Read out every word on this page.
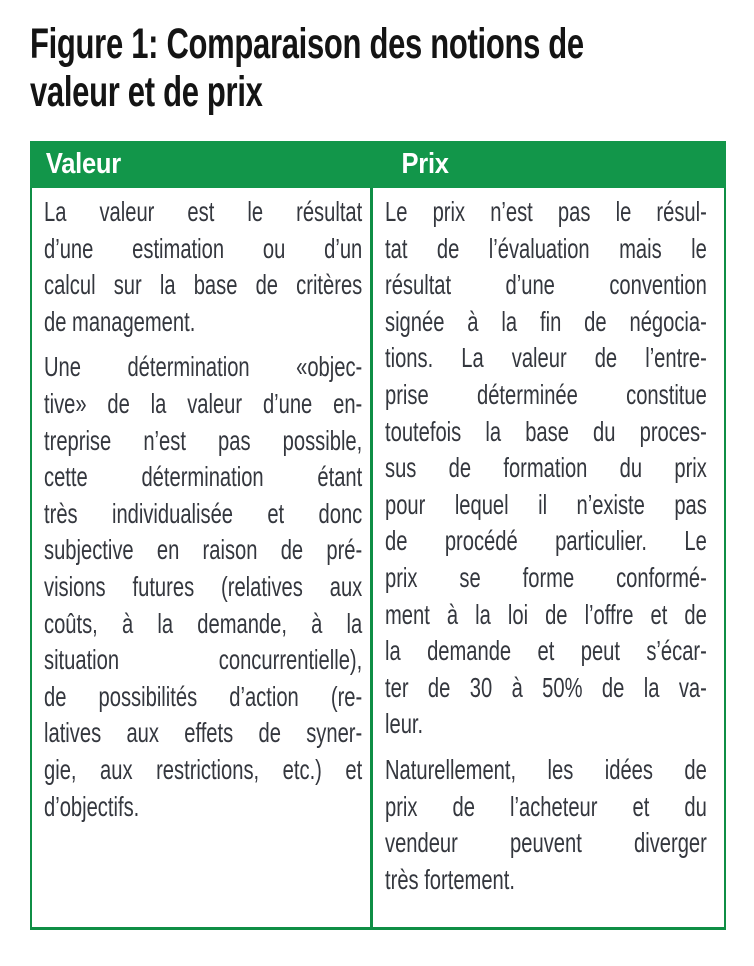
Figure 1: Comparaison des notions de
valeur et de prix
Valeur	Prix
La valeur est le résultat
d’une estimation ou d’un
calcul sur la base de critères
de management.
Une détermination «objec-
tive» de la valeur d’une en-
treprise n’est pas possible,
cette détermination étant
très individualisée et donc
subjective en raison de pré-
visions futures (relatives aux
coûts, à la demande, à la
situation concurrentielle),
de possibilités d’action (re-
latives aux effets de syner-
gie, aux restrictions, etc.) et
d’objectifs.
Le prix n’est pas le résul-
tat de l’évaluation mais le
résultat d’une convention
signée à la fin de négocia-
tions. La valeur de l’entre-
prise déterminée constitue
toutefois la base du proces-
sus de formation du prix
pour lequel il n’existe pas
de procédé particulier. Le
prix se forme conformé-
ment à la loi de l’offre et de
la demande et peut s’écar-
ter de 30 à 50% de la va-
leur.
Naturellement, les idées de
prix de l’acheteur et du
vendeur peuvent diverger
très fortement.
